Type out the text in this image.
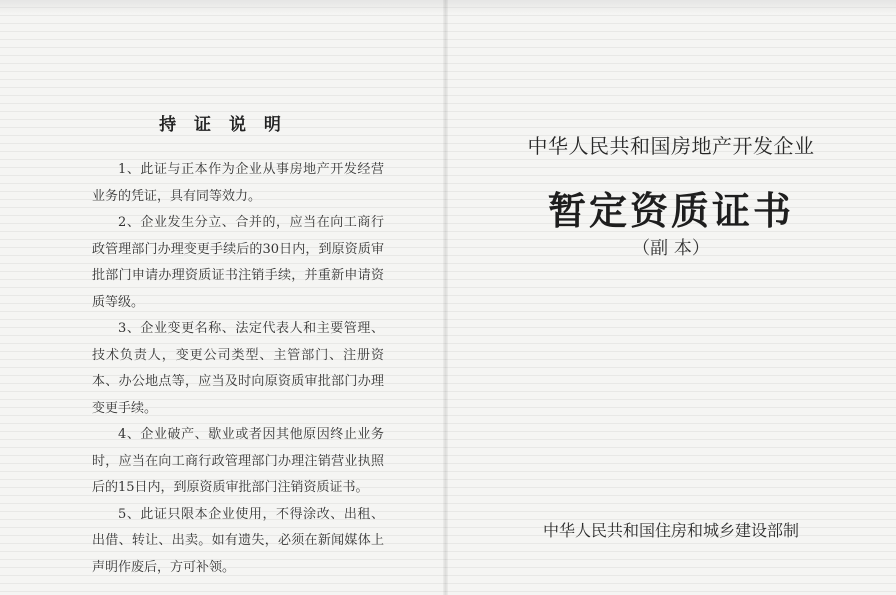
持 证 说 明

1、此证与正本作为企业从事房地产开发经营业务的凭证，具有同等效力。

2、企业发生分立、合并的，应当在向工商行政管理部门办理变更手续后的30日内，到原资质审批部门申请办理资质证书注销手续，并重新申请资质等级。

3、企业变更名称、法定代表人和主要管理、技术负责人，变更公司类型、主管部门、注册资本、办公地点等，应当及时向原资质审批部门办理变更手续。

4、企业破产、歇业或者因其他原因终止业务时，应当在向工商行政管理部门办理注销营业执照后的15日内，到原资质审批部门注销资质证书。

5、此证只限本企业使用，不得涂改、出租、出借、转让、出卖。如有遗失，必须在新闻媒体上声明作废后，方可补领。

中华人民共和国房地产开发企业
暂定资质证书
（副 本）
中华人民共和国住房和城乡建设部制
